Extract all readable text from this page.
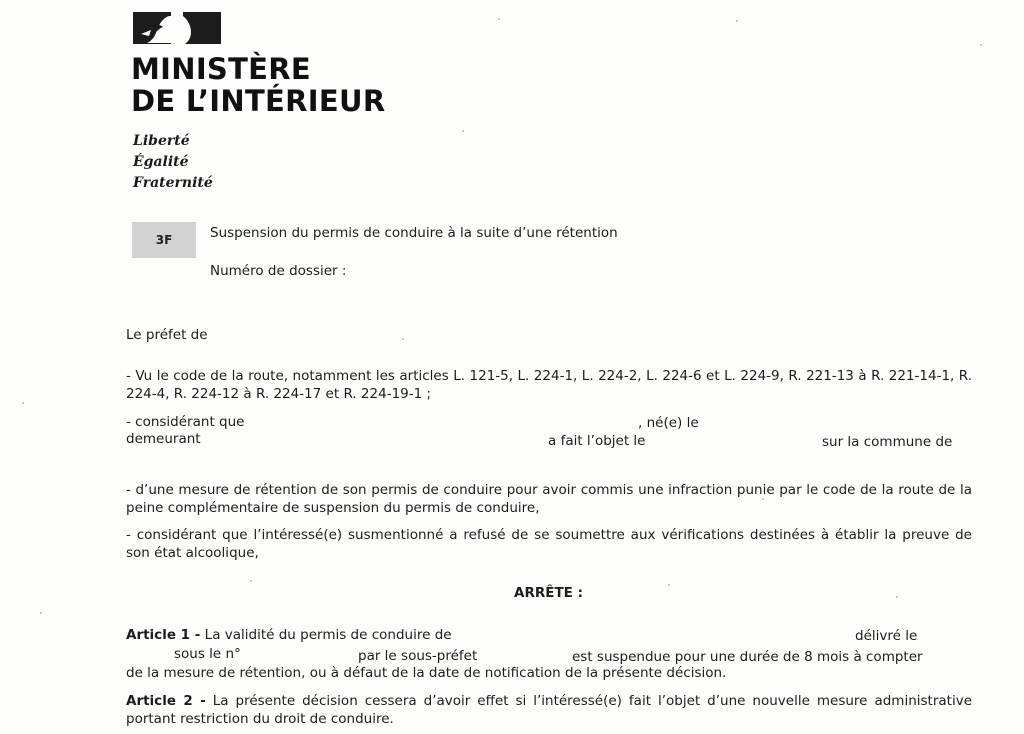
MINISTÈRE
DE L’INTÉRIEUR
Liberté
Égalité
Fraternité
3F	Suspension du permis de conduire à la suite d’une rétention
Numéro de dossier :
Le préfet de
- Vu le code de la route, notamment les articles L. 121-5, L. 224-1, L. 224-2, L. 224-6 et L. 224-9, R. 221-13 à R. 221-14-1, R. 224-4, R. 224-12 à R. 224-17 et R. 224-19-1 ;
- considérant que	, né(e) le
demeurant	a fait l’objet le	sur la commune de
- d’une mesure de rétention de son permis de conduire pour avoir commis une infraction punie par le code de la route de la peine complémentaire de suspension du permis de conduire,
- considérant que l’intéressé(e) susmentionné a refusé de se soumettre aux vérifications destinées à établir la preuve de son état alcoolique,
ARRÊTE :
Article 1 - La validité du permis de conduire de	délivré le
sous le n°	par le sous-préfet	est suspendue pour une durée de 8 mois à compter
de la mesure de rétention, ou à défaut de la date de notification de la présente décision.
Article 2 - La présente décision cessera d’avoir effet si l’intéressé(e) fait l’objet d’une nouvelle mesure administrative portant restriction du droit de conduire.
